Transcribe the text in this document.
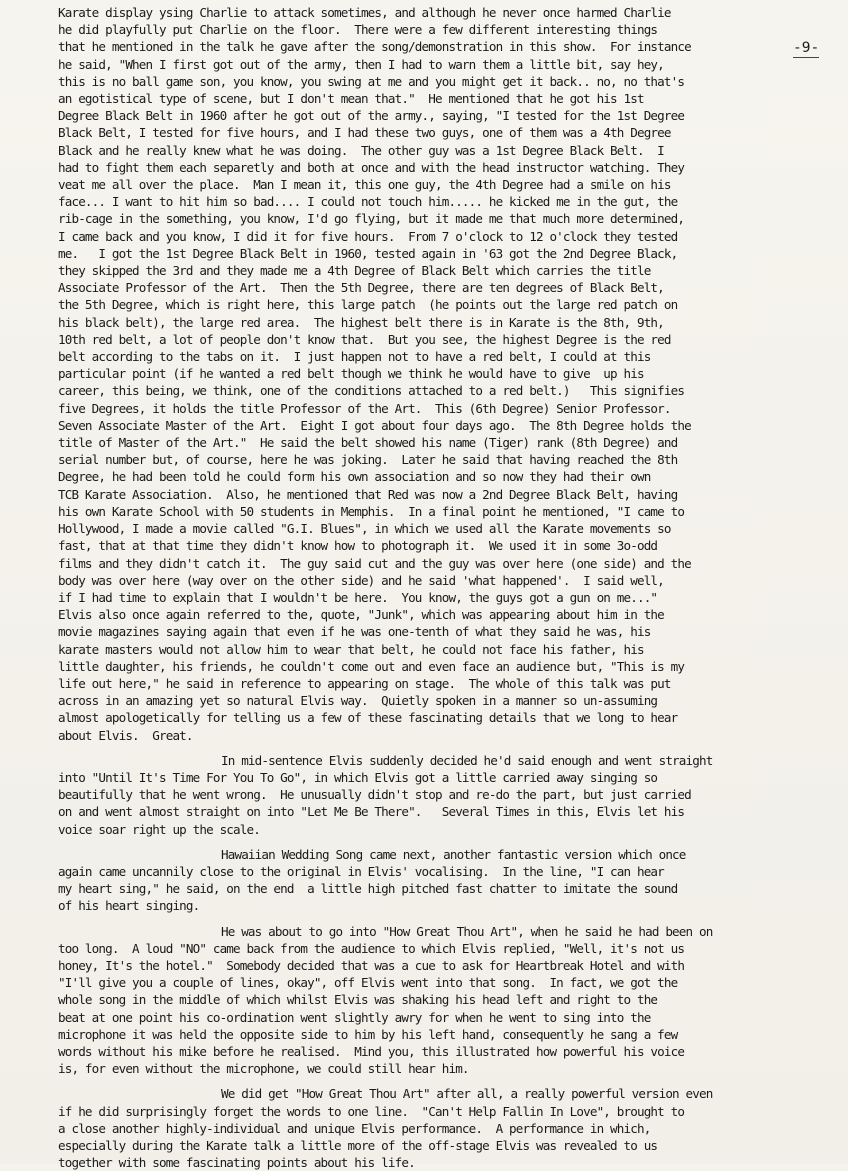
-9-
Karate display ysing Charlie to attack sometimes, and although he never once harmed Charlie
he did playfully put Charlie on the floor.  There were a few different interesting things
that he mentioned in the talk he gave after the song/demonstration in this show.  For instance
he said, "When I first got out of the army, then I had to warn them a little bit, say hey,
this is no ball game son, you know, you swing at me and you might get it back.. no, no that's
an egotistical type of scene, but I don't mean that."  He mentioned that he got his 1st
Degree Black Belt in 1960 after he got out of the army., saying, "I tested for the 1st Degree
Black Belt, I tested for five hours, and I had these two guys, one of them was a 4th Degree
Black and he really knew what he was doing.  The other guy was a 1st Degree Black Belt.  I
had to fight them each separetly and both at once and with the head instructor watching. They
veat me all over the place.  Man I mean it, this one guy, the 4th Degree had a smile on his
face... I want to hit him so bad.... I could not touch him..... he kicked me in the gut, the
rib-cage in the something, you know, I'd go flying, but it made me that much more determined,
I came back and you know, I did it for five hours.  From 7 o'clock to 12 o'clock they tested
me.   I got the 1st Degree Black Belt in 1960, tested again in '63 got the 2nd Degree Black,
they skipped the 3rd and they made me a 4th Degree of Black Belt which carries the title
Associate Professor of the Art.  Then the 5th Degree, there are ten degrees of Black Belt,
the 5th Degree, which is right here, this large patch  (he points out the large red patch on
his black belt), the large red area.  The highest belt there is in Karate is the 8th, 9th,
10th red belt, a lot of people don't know that.  But you see, the highest Degree is the red
belt according to the tabs on it.  I just happen not to have a red belt, I could at this
particular point (if he wanted a red belt though we think he would have to give  up his
career, this being, we think, one of the conditions attached to a red belt.)   This signifies
five Degrees, it holds the title Professor of the Art.  This (6th Degree) Senior Professor.
Seven Associate Master of the Art.  Eight I got about four days ago.  The 8th Degree holds the
title of Master of the Art."  He said the belt showed his name (Tiger) rank (8th Degree) and
serial number but, of course, here he was joking.  Later he said that having reached the 8th
Degree, he had been told he could form his own association and so now they had their own
TCB Karate Association.  Also, he mentioned that Red was now a 2nd Degree Black Belt, having
his own Karate School with 50 students in Memphis.  In a final point he mentioned, "I came to
Hollywood, I made a movie called "G.I. Blues", in which we used all the Karate movements so
fast, that at that time they didn't know how to photograph it.  We used it in some 3o-odd
films and they didn't catch it.  The guy said cut and the guy was over here (one side) and the
body was over here (way over on the other side) and he said 'what happened'.  I said well,
if I had time to explain that I wouldn't be here.  You know, the guys got a gun on me..."
Elvis also once again referred to the, quote, "Junk", which was appearing about him in the
movie magazines saying again that even if he was one-tenth of what they said he was, his
karate masters would not allow him to wear that belt, he could not face his father, his
little daughter, his friends, he couldn't come out and even face an audience but, "This is my
life out here," he said in reference to appearing on stage.  The whole of this talk was put
across in an amazing yet so natural Elvis way.  Quietly spoken in a manner so un-assuming
almost apologetically for telling us a few of these fascinating details that we long to hear
about Elvis.  Great.
In mid-sentence Elvis suddenly decided he'd said enough and went straight
into "Until It's Time For You To Go", in which Elvis got a little carried away singing so
beautifully that he went wrong.  He unusually didn't stop and re-do the part, but just carried
on and went almost straight on into "Let Me Be There".   Several Times in this, Elvis let his
voice soar right up the scale.
Hawaiian Wedding Song came next, another fantastic version which once
again came uncannily close to the original in Elvis' vocalising.  In the line, "I can hear
my heart sing," he said, on the end  a little high pitched fast chatter to imitate the sound
of his heart singing.
He was about to go into "How Great Thou Art", when he said he had been on
too long.  A loud "NO" came back from the audience to which Elvis replied, "Well, it's not us
honey, It's the hotel."  Somebody decided that was a cue to ask for Heartbreak Hotel and with
"I'll give you a couple of lines, okay", off Elvis went into that song.  In fact, we got the
whole song in the middle of which whilst Elvis was shaking his head left and right to the
beat at one point his co-ordination went slightly awry for when he went to sing into the
microphone it was held the opposite side to him by his left hand, consequently he sang a few
words without his mike before he realised.  Mind you, this illustrated how powerful his voice
is, for even without the microphone, we could still hear him.
We did get "How Great Thou Art" after all, a really powerful version even
if he did surprisingly forget the words to one line.  "Can't Help Fallin In Love", brought to
a close another highly-individual and unique Elvis performance.  A performance in which,
especially during the Karate talk a little more of the off-stage Elvis was revealed to us
together with some fascinating points about his life.
